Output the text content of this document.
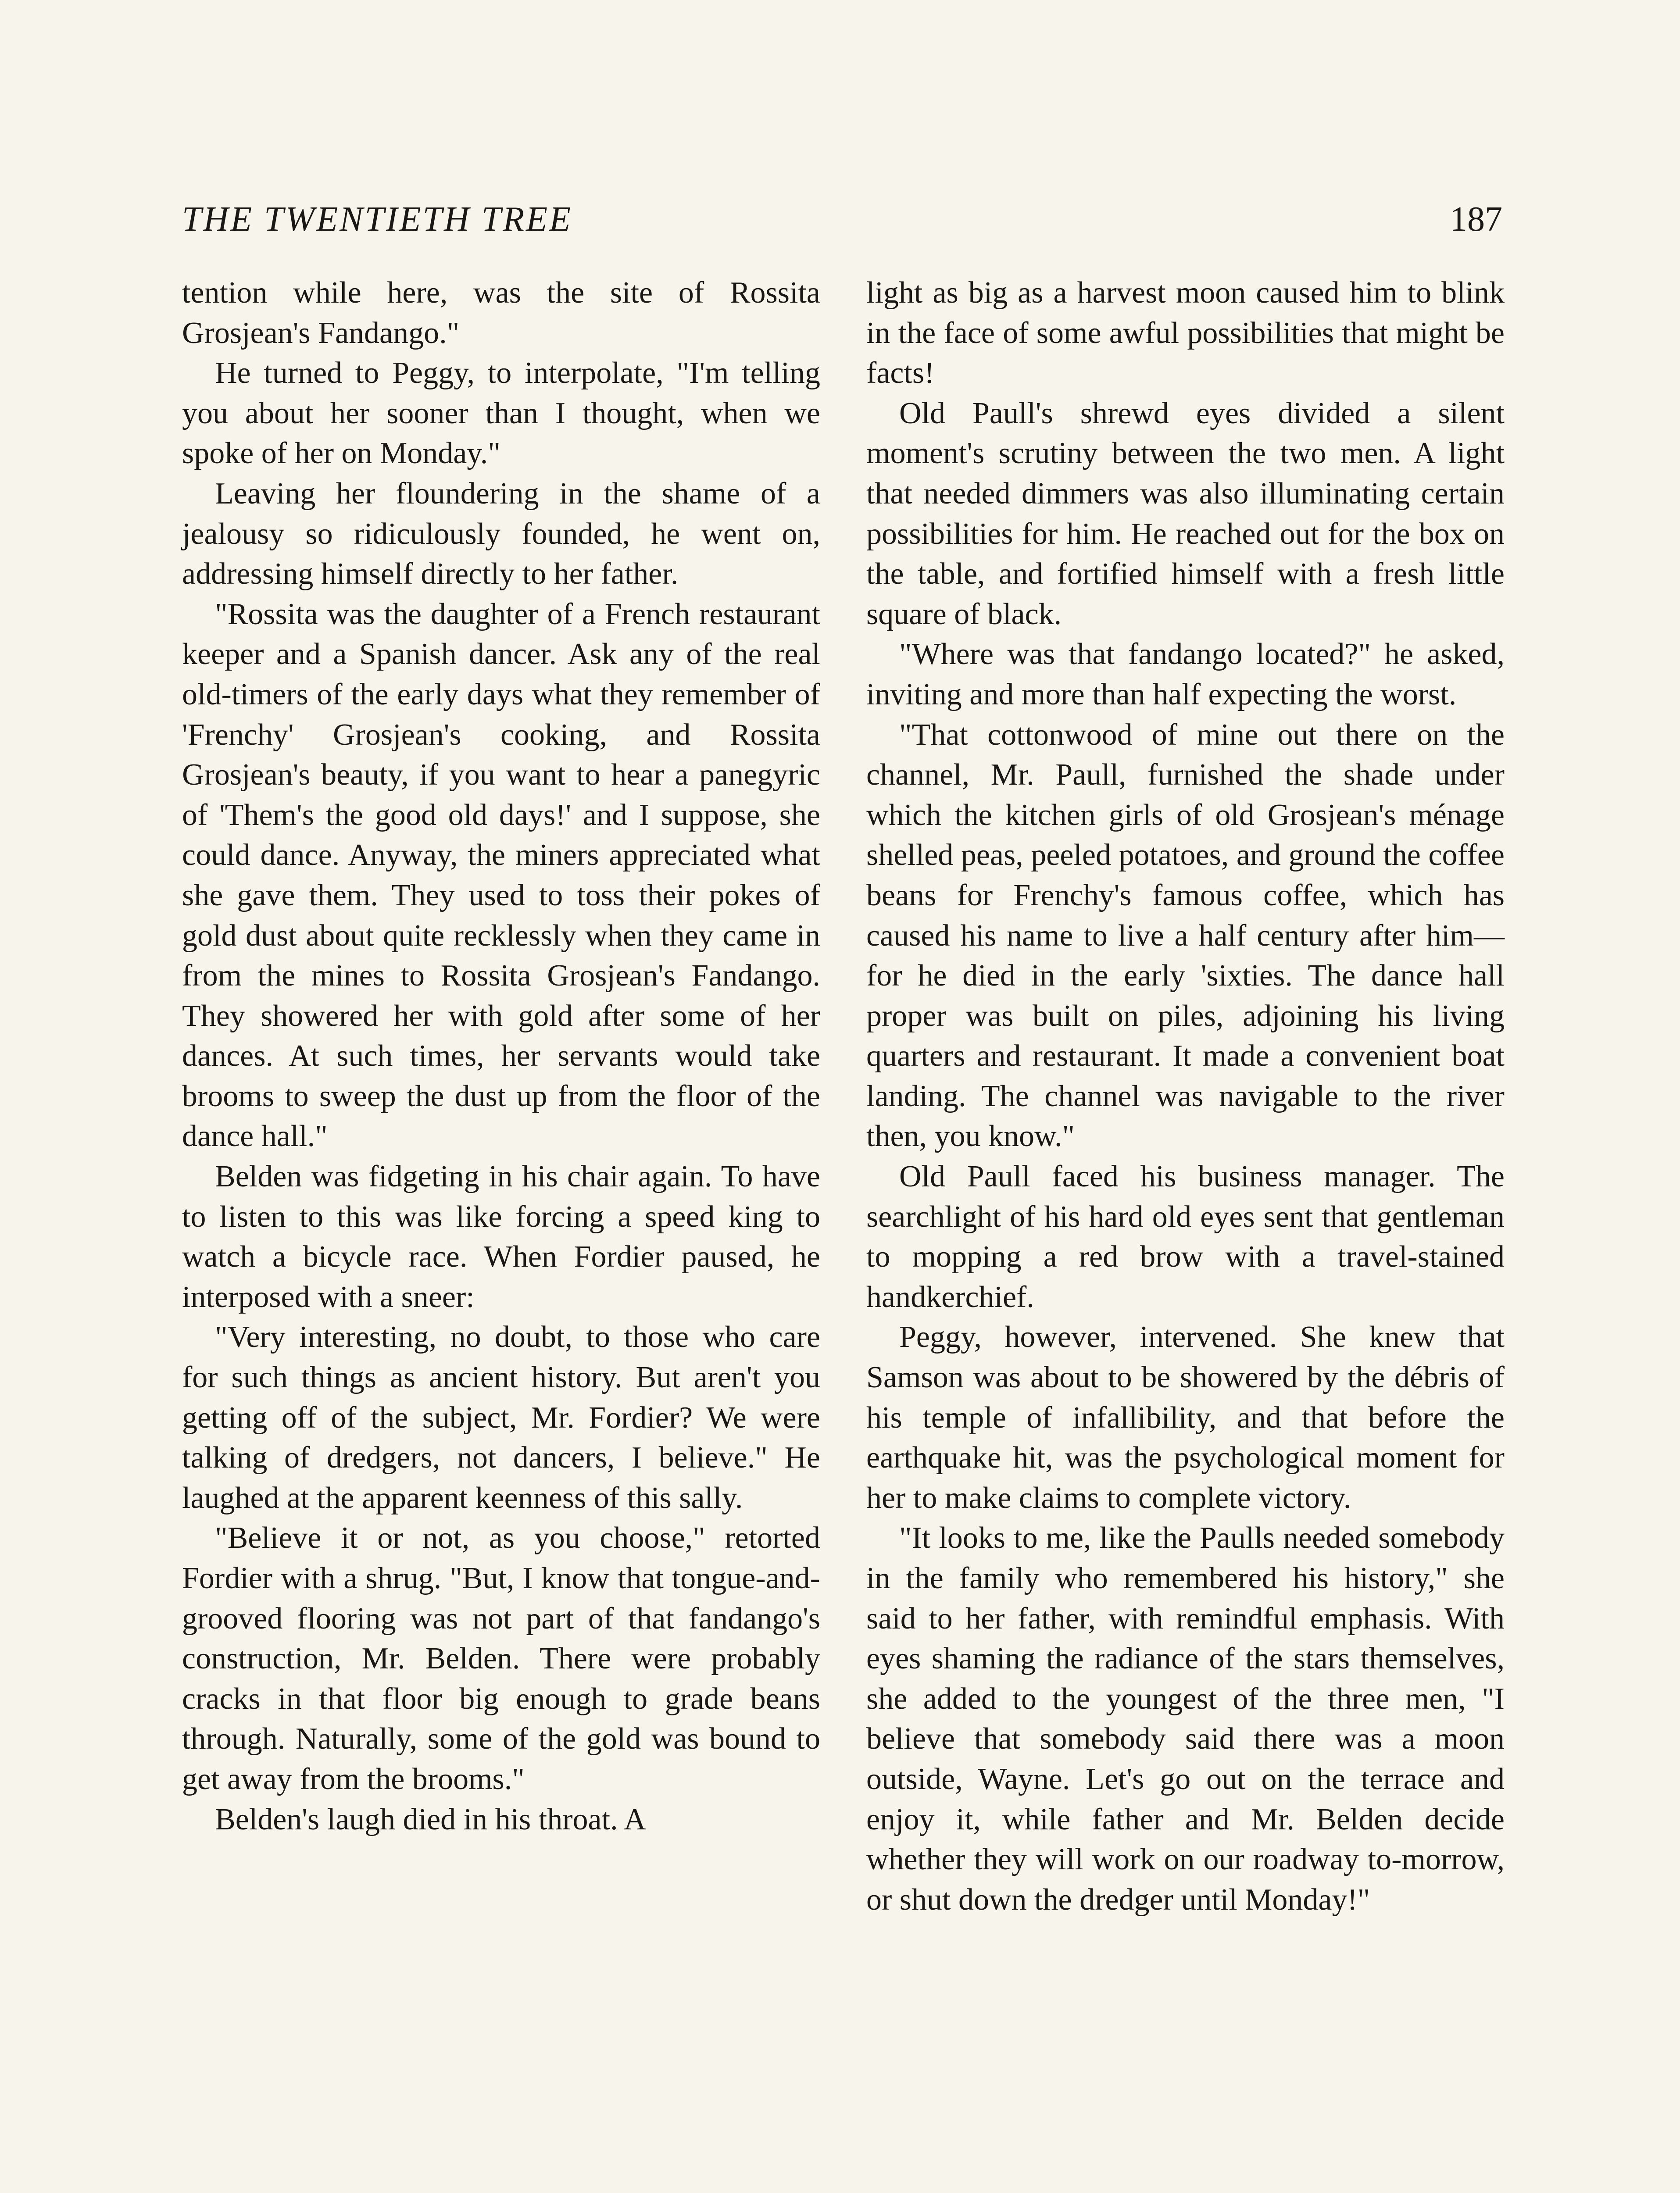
THE TWENTIETH TREE	187

tention while here, was the site of Rossita Grosjean's Fandango."

He turned to Peggy, to interpolate, "I'm telling you about her sooner than I thought, when we spoke of her on Monday."

Leaving her floundering in the shame of a jealousy so ridiculously founded, he went on, addressing himself directly to her father.

"Rossita was the daughter of a French restaurant keeper and a Spanish dancer. Ask any of the real old-timers of the early days what they remember of 'Frenchy' Grosjean's cooking, and Rossita Grosjean's beauty, if you want to hear a panegyric of 'Them's the good old days!' and I suppose, she could dance. Anyway, the miners appreciated what she gave them. They used to toss their pokes of gold dust about quite recklessly when they came in from the mines to Rossita Grosjean's Fandango. They showered her with gold after some of her dances. At such times, her servants would take brooms to sweep the dust up from the floor of the dance hall."

Belden was fidgeting in his chair again. To have to listen to this was like forcing a speed king to watch a bicycle race. When Fordier paused, he interposed with a sneer:

"Very interesting, no doubt, to those who care for such things as ancient history. But aren't you getting off of the subject, Mr. Fordier? We were talking of dredgers, not dancers, I believe." He laughed at the apparent keenness of this sally.

"Believe it or not, as you choose," retorted Fordier with a shrug. "But, I know that tongue-and-grooved flooring was not part of that fandango's construction, Mr. Belden. There were probably cracks in that floor big enough to grade beans through. Naturally, some of the gold was bound to get away from the brooms."

Belden's laugh died in his throat. A

light as big as a harvest moon caused him to blink in the face of some awful possibilities that might be facts!

Old Paull's shrewd eyes divided a silent moment's scrutiny between the two men. A light that needed dimmers was also illuminating certain possibilities for him. He reached out for the box on the table, and fortified himself with a fresh little square of black.

"Where was that fandango located?" he asked, inviting and more than half expecting the worst.

"That cottonwood of mine out there on the channel, Mr. Paull, furnished the shade under which the kitchen girls of old Grosjean's ménage shelled peas, peeled potatoes, and ground the coffee beans for Frenchy's famous coffee, which has caused his name to live a half century after him—for he died in the early 'sixties. The dance hall proper was built on piles, adjoining his living quarters and restaurant. It made a convenient boat landing. The channel was navigable to the river then, you know."

Old Paull faced his business manager. The searchlight of his hard old eyes sent that gentleman to mopping a red brow with a travel-stained handkerchief.

Peggy, however, intervened. She knew that Samson was about to be showered by the débris of his temple of infallibility, and that before the earthquake hit, was the psychological moment for her to make claims to complete victory.

"It looks to me, like the Paulls needed somebody in the family who remembered his history," she said to her father, with remindful emphasis. With eyes shaming the radiance of the stars themselves, she added to the youngest of the three men, "I believe that somebody said there was a moon outside, Wayne. Let's go out on the terrace and enjoy it, while father and Mr. Belden decide whether they will work on our roadway to-morrow, or shut down the dredger until Monday!"
